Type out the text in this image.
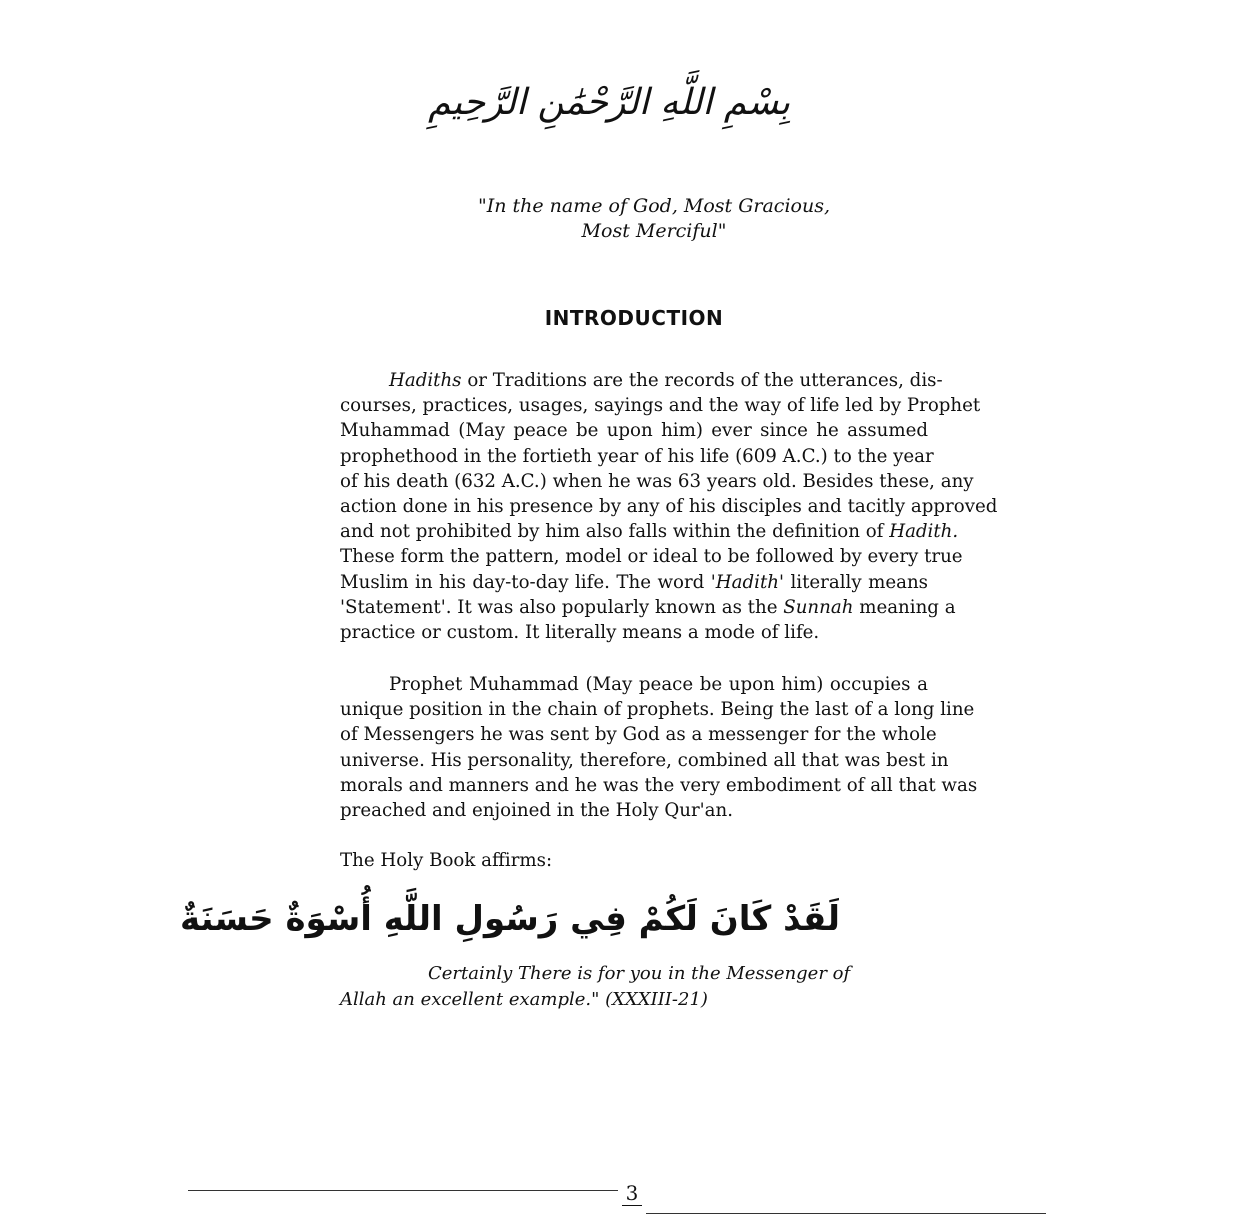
بِسْمِ اللَّهِ الرَّحْمَٰنِ الرَّحِيمِ
"In the name of God, Most Gracious,
Most Merciful"
INTRODUCTION
Hadiths or Traditions are the records of the utterances, dis-
courses, practices, usages, sayings and the way of life led by Prophet
Muhammad (May peace be upon him) ever since he assumed
prophethood in the fortieth year of his life (609 A.C.) to the year
of his death (632 A.C.) when he was 63 years old. Besides these, any
action done in his presence by any of his disciples and tacitly approved
and not prohibited by him also falls within the definition of Hadith.
These form the pattern, model or ideal to be followed by every true
Muslim in his day-to-day life. The word 'Hadith' literally means
'Statement'. It was also popularly known as the Sunnah meaning a
practice or custom. It literally means a mode of life.
Prophet Muhammad (May peace be upon him) occupies a
unique position in the chain of prophets. Being the last of a long line
of Messengers he was sent by God as a messenger for the whole
universe. His personality, therefore, combined all that was best in
morals and manners and he was the very embodiment of all that was
preached and enjoined in the Holy Qur'an.
The Holy Book affirms:
لَقَدْ كَانَ لَكُمْ فِي رَسُولِ اللَّهِ أُسْوَةٌ حَسَنَةٌ
Certainly There is for you in the Messenger of
Allah an excellent example." (XXXIII-21)
3
